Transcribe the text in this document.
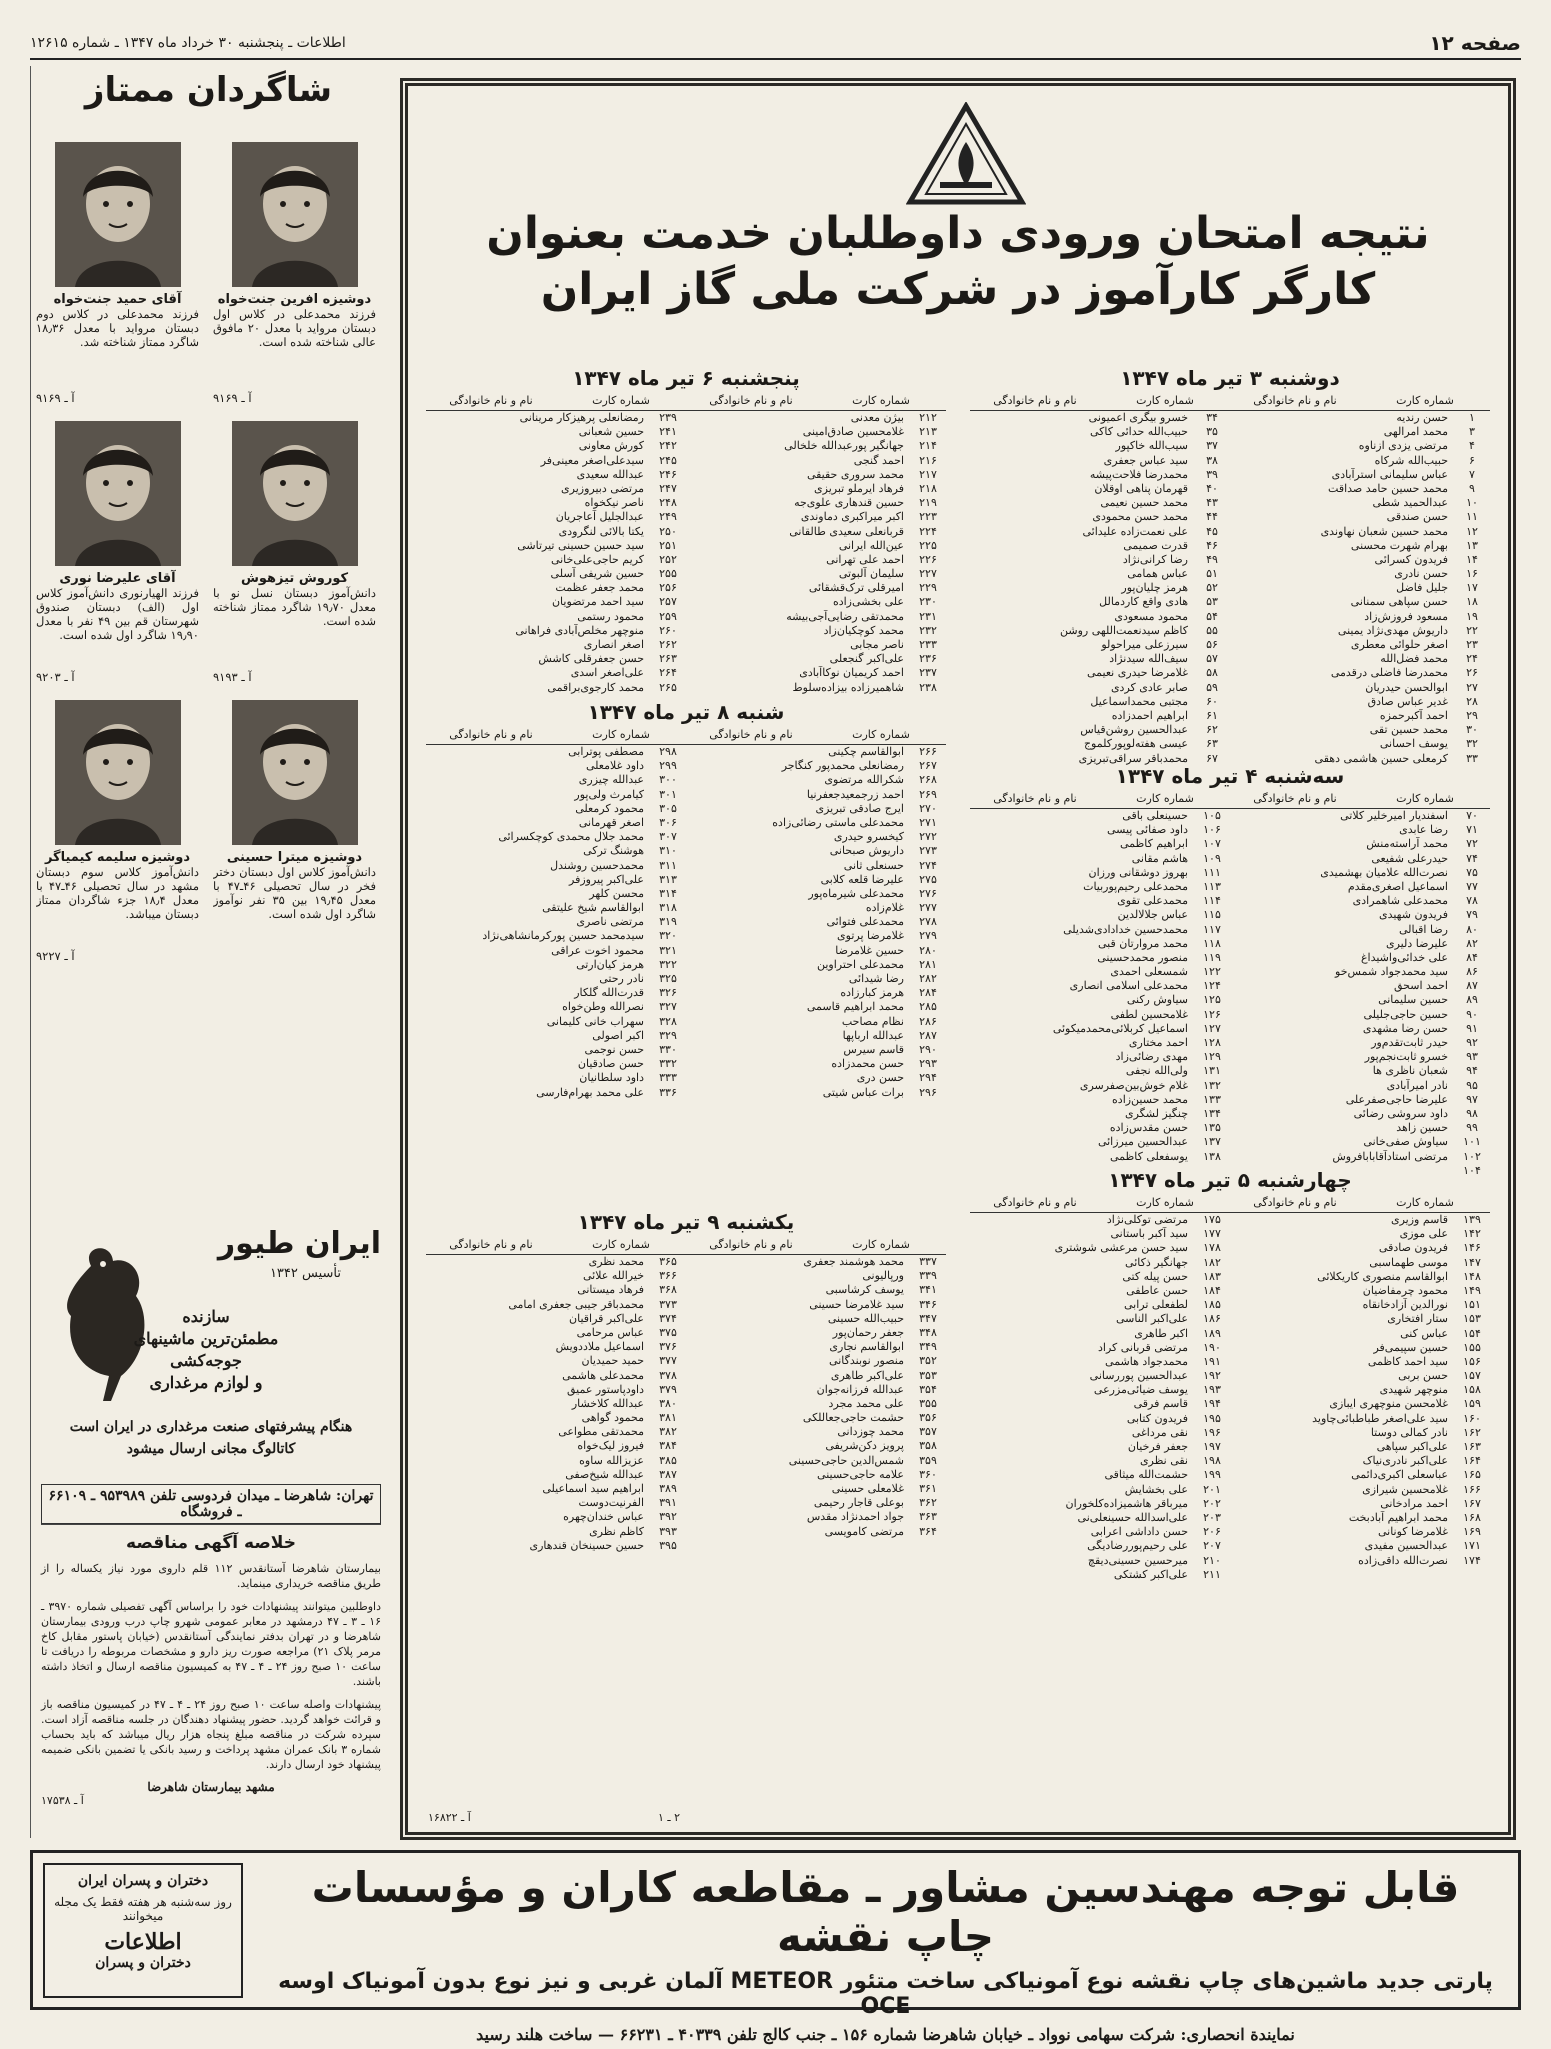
صفحه ۱۲
اطلاعات ـ پنجشنبه ۳۰ خرداد ماه ۱۳۴۷ ـ شماره ۱۲۶۱۵
نتیجه امتحان ورودی داوطلبان خدمت بعنوان
کارگر کارآموز در شرکت ملی گاز ایران
دوشنبه ۳ تیر ماه ۱۳۴۷
شماره کارت
نام و نام خانوادگی
شماره کارت
نام و نام خانوادگی
۱
حسن رندیه
۳
محمد امرالهی
۴
مرتضی یزدی ازناوه
۶
حبیب‌الله شرکاه
۷
عباس سلیمانی استرآبادی
۹
محمد حسین حامد صداقت
۱۰
عبدالحمید شطی
۱۱
حسن صندقی
۱۲
محمد حسین شعبان نهاوندی
۱۳
بهرام شهرت محسنی
۱۴
فریدون کسرائی
۱۶
حسن نادری
۱۷
جلیل فاضل
۱۸
حسن سپاهی سمنانی
۱۹
مسعود فروزش‌زاد
۲۲
داریوش مهدی‌نژاد یمینی
۲۳
اصغر حلوائی معطری
۲۴
محمد فضل‌الله
۲۶
محمدرضا فاضلی درقدمی
۲۷
ابوالحسن حیدریان
۲۸
غدیر عباس صادق
۲۹
احمد آکبرحمزه
۳۰
محمد حسین تقی
۳۲
یوسف احسانی
۳۳
کرمعلی حسین هاشمی دهقی
۳۴
خسرو بیگری اعمیونی
۳۵
حبیب‌الله حدائی کاکی
۳۷
سیب‌الله خاکپور
۳۸
سید عباس جعفری
۳۹
محمدرضا فلاحت‌پیشه
۴۰
قهرمان پناهی اوقلان
۴۳
محمد حسین نعیمی
۴۴
محمد حسن محمودی
۴۵
علی نعمت‌زاده علیدائی
۴۶
قدرت صمیمی
۴۹
رضا کرانی‌نژاد
۵۱
عباس همامی
۵۲
هرمز چلیان‌پور
۵۳
هادی واقع کاردمالل
۵۴
محمود مسعودی
۵۵
کاظم سیدنعمت‌اللهی روشن
۵۶
سیرزعلی میراحولو
۵۷
سیف‌الله سیدنژاد
۵۸
غلامرضا حیدری نعیمی
۵۹
صابر عادی کردی
۶۰
مجتبی محمداسماعیل
۶۱
ابراهیم احمدزاده
۶۲
عبدالحسین روشن‌قیاس
۶۳
عیسی هفته‌لوپورکلموج
۶۷
محمدباقر سراقی‌تبریزی
سه‌شنبه ۴ تیر ماه ۱۳۴۷
شماره کارت
نام و نام خانوادگی
شماره کارت
نام و نام خانوادگی
۷۰
اسفندیار امیرخلیر کلاتی
۷۱
رضا عابدی
۷۲
محمد آراسته‌منش
۷۴
حیدرعلی شفیعی
۷۵
نصرت‌الله علامیان بهشمیدی
۷۷
اسماعیل اصغری‌مقدم
۷۸
محمدعلی شاهمرادی
۷۹
فریدون شهیدی
۸۰
رضا اقبالی
۸۲
علیرضا دلیری
۸۴
علی خدائی‌واشیداغ
۸۶
سید محمدجواد شمس‌خو
۸۷
احمد اسحق
۸۹
حسین سلیمانی
۹۰
حسین حاجی‌جلیلی
۹۱
حسن رضا مشهدی
۹۲
حیدر ثابت‌تقدم‌ور
۹۳
خسرو ثابت‌نجم‌پور
۹۴
شعبان ناظری ها
۹۵
نادر امیرآبادی
۹۷
علیرضا حاجی‌صفرعلی
۹۸
داود سروشی رضائی
۹۹
حسین زاهد
۱۰۱
سیاوش صفی‌خانی
۱۰۲
مرتضی استادآقابابافروش
۱۰۴
۱۰۵
حسینعلی باقی
۱۰۶
داود صفائی پیسی
۱۰۷
ابراهیم کاظمی
۱۰۹
هاشم مقانی
۱۱۱
بهروز دوشقانی ورزان
۱۱۳
محمدعلی رحیم‌پوربیات
۱۱۴
محمدعلی تقوی
۱۱۵
عباس جلالالدین
۱۱۷
محمدحسین خدادادی‌شدیلی
۱۱۸
محمد مروارتان قبی
۱۱۹
منصور محمدحسینی
۱۲۲
شمسعلی احمدی
۱۲۴
محمدعلی اسلامی انصاری
۱۲۵
سیاوش رکنی
۱۲۶
غلامحسین لطفی
۱۲۷
اسماعیل کربلائی‌محمدمیکوئی
۱۲۸
احمد مختاری
۱۲۹
مهدی رضائی‌زاد
۱۳۱
ولی‌الله نجفی
۱۳۲
غلام خوش‌بین‌صفرسری
۱۳۳
محمد حسین‌زاده
۱۳۴
چنگیز لشگری
۱۳۵
حسن مقدس‌زاده
۱۳۷
عبدالحسین میرزائی
۱۳۸
یوسفعلی کاظمی
چهارشنبه ۵ تیر ماه ۱۳۴۷
شماره کارت
نام و نام خانوادگی
شماره کارت
نام و نام خانوادگی
۱۳۹
قاسم وزیری
۱۴۲
علی موزی
۱۴۶
فریدون صادقی
۱۴۷
موسی طهماسبی
۱۴۸
ابوالقاسم منصوری کاریکلائی
۱۴۹
محمود چرمفاضیان
۱۵۱
نورالدین آزادخانقاه
۱۵۳
ستار افتخاری
۱۵۴
عباس کنی
۱۵۵
حسین سپیمی‌فر
۱۵۶
سید احمد کاظمی
۱۵۷
حسن بربی
۱۵۸
منوچهر شهیدی
۱۵۹
غلامحسن منوچهری ایبازی
۱۶۰
سید علی‌اصغر طباطبائی‌چاوید
۱۶۲
نادر کمالی دوستا
۱۶۳
علی‌اکبر سپاهی
۱۶۴
علی‌اکبر نادری‌نیاک
۱۶۵
عباسعلی اکبری‌دائمی
۱۶۶
غلامحسین شیرازی
۱۶۷
احمد مرادخانی
۱۶۸
محمد ابراهیم آبادبخت
۱۶۹
غلامرضا کونانی
۱۷۱
عبدالحسین مفیدی
۱۷۴
نصرت‌الله داقی‌زاده
۱۷۵
مرتضی توکلی‌نژاد
۱۷۷
سید آکبر باستانی
۱۷۸
سید حسن مرعشی شوشتری
۱۸۲
جهانگیر ذکائی
۱۸۳
حسن پیله کتی
۱۸۴
حسن عاطفی
۱۸۵
لطفعلی ترابی
۱۸۶
علی‌اکبر الناسی
۱۸۹
اکبر طاهری
۱۹۰
مرتضی قربانی کراد
۱۹۱
محمدجواد هاشمی
۱۹۲
عبدالحسین پوررسانی
۱۹۳
یوسف ضیائی‌مزرعی
۱۹۴
قاسم فرقی
۱۹۵
فریدون کتابی
۱۹۶
نقی مرداغی
۱۹۷
جعفر فرخیان
۱۹۸
نقی نظری
۱۹۹
حشمت‌الله میثاقی
۲۰۱
علی بخشایش
۲۰۲
میرباقر هاشمیزاده‌کلخوران
۲۰۳
علی‌اسدالله حسینعلی‌نی
۲۰۶
حسن داداشی اعرابی
۲۰۷
علی رحیم‌پوررضادیگی
۲۱۰
میرحسین حسینی‌دیقچ
۲۱۱
علی‌اکبر کشتکی
پنجشنبه ۶ تیر ماه ۱۳۴۷
شماره کارت
نام و نام خانوادگی
شماره کارت
نام و نام خانوادگی
۲۱۲
بیژن معدنی
۲۱۳
غلامحسین صادق‌امینی
۲۱۴
جهانگیر پورعبدالله خلخالی
۲۱۶
احمد گنجی
۲۱۷
محمد سروری حقیقی
۲۱۸
فرهاد ایرملو تبریزی
۲۱۹
حسین قندهاری علوی‌جه
۲۲۳
اکبر میراکبری دماوندی
۲۲۴
قربانعلی سعیدی طالقانی
۲۲۵
عین‌الله ایرانی
۲۲۶
احمد علی تهرانی
۲۲۷
سلیمان آلبوتی
۲۲۹
امیرقلی ترک‌قشقائی
۲۳۰
علی بخشی‌زاده
۲۳۱
محمدتقی رضایی‌آجی‌بیشه
۲۳۲
محمد کوچکیان‌زاد
۲۳۳
ناصر مجابی
۲۳۶
علی‌اکبر گنجعلی
۲۳۷
احمد کریمیان نوکاآبادی
۲۳۸
شاهمیرزاده بیزاده‌سلوط
۲۳۹
رمضانعلی پرهیزکار مرینانی
۲۴۱
حسین شعبانی
۲۴۲
کورش معاونی
۲۴۵
سیدعلی‌اصغر معینی‌فر
۲۴۶
عبدالله سعیدی
۲۴۷
مرتضی دبیروزیری
۲۴۸
ناصر نیکخواه
۲۴۹
عبدالجلیل آعاجریان
۲۵۰
یکتا بالائی لنگرودی
۲۵۱
سید حسین حسینی تیرتاشی
۲۵۲
کریم حاجی‌علی‌خانی
۲۵۵
حسین شریفی آسلی
۲۵۶
محمد جعفر عظمت
۲۵۷
سید احمد مرتضویان
۲۵۹
محمود رستمی
۲۶۰
منوچهر مخلص‌آبادی فراهانی
۲۶۲
اصغر انصاری
۲۶۳
حسن جعفرقلی کاشش
۲۶۴
علی‌اصغر اسدی
۲۶۵
محمد کارجوی‌براقمی
شنبه ۸ تیر ماه ۱۳۴۷
شماره کارت
نام و نام خانوادگی
شماره کارت
نام و نام خانوادگی
۲۶۶
ابوالقاسم چکینی
۲۶۷
رمضانعلی محمدپور کنگاجر
۲۶۸
شکرالله مرتضوی
۲۶۹
احمد زرجمعیدجعفرنیا
۲۷۰
ایرج صادقی تبریزی
۲۷۱
محمدعلی ماستی رضائی‌زاده
۲۷۲
کیخسرو حیدری
۲۷۳
داریوش صبحانی
۲۷۴
حسنعلی ثانی
۲۷۵
علیرضا قلعه کلابی
۲۷۶
محمدعلی شیرماه‌پور
۲۷۷
غلام‌زاده
۲۷۸
محمدعلی فتوائی
۲۷۹
غلامرضا پرتوی
۲۸۰
حسین غلامرضا
۲۸۱
محمدعلی احتراوین
۲۸۲
رضا شیدائی
۲۸۴
هرمز کبارزاده
۲۸۵
محمد ابراهیم قاسمی
۲۸۶
نظام مصاحب
۲۸۷
عبدالله ارباپها
۲۹۰
قاسم سیرس
۲۹۳
حسن محمدزاده
۲۹۴
حسن دری
۲۹۶
برات عباس شیتی
۲۹۸
مصطفی پوترابی
۲۹۹
داود غلامعلی
۳۰۰
عبدالله چیزری
۳۰۱
کیامرث ولی‌پور
۳۰۵
محمود کرمعلی
۳۰۶
اصغر قهرمانی
۳۰۷
محمد جلال محمدی کوچکسرائی
۳۱۰
هوشنگ ترکی
۳۱۱
محمدحسین روشندل
۳۱۳
علی‌اکبر پیروزفر
۳۱۴
محسن کلهر
۳۱۸
ابوالقاسم شیخ علیتقی
۳۱۹
مرتضی ناصری
۳۲۰
سیدمحمد حسین پورکرمانشاهی‌نژاد
۳۲۱
محمود اخوت عراقی
۳۲۲
هرمز کیان‌ارتی
۳۲۵
نادر رحتی
۳۲۶
قدرت‌الله گلکار
۳۲۷
نصرالله وطن‌خواه
۳۲۸
سهراب خانی کلیمانی
۳۲۹
اکبر اصولی
۳۳۰
حسن نوجمی
۳۳۲
حسن صادقیان
۳۳۳
داود سلطانیان
۳۳۶
علی محمد بهرام‌فارسی
یکشنبه ۹ تیر ماه ۱۳۴۷
شماره کارت
نام و نام خانوادگی
شماره کارت
نام و نام خانوادگی
۳۳۷
محمد هوشمند جعفری
۳۳۹
ورپالیونی
۳۴۱
یوسف کرشاسبی
۳۴۶
سید غلامرضا حسینی
۳۴۷
حبیب‌الله حسینی
۳۴۸
جعفر رحمان‌پور
۳۴۹
ابوالقاسم نجاری
۳۵۲
منصور نوبندگانی
۳۵۳
علی‌اکبر طاهری
۳۵۴
عبدالله فرزانه‌جوان
۳۵۵
علی محمد مجرد
۳۵۶
حشمت حاجی‌جعاللکی
۳۵۷
محمد چوزدانی
۳۵۸
پرویز دکن‌شریفی
۳۵۹
شمس‌الدین حاجی‌حسینی
۳۶۰
علامه حاجی‌حسینی
۳۶۱
غلامعلی حسینی
۳۶۲
بوعلی قاجار رحیمی
۳۶۳
جواد احمدنژاد مقدس
۳۶۴
مرتضی کامویسی
۳۶۵
محمد نظری
۳۶۶
خیرالله علائی
۳۶۸
فرهاد میستانی
۳۷۳
محمدباقر جیبی جعفری امامی
۳۷۴
علی‌اکبر قراقیان
۳۷۵
عباس مرحامی
۳۷۶
اسماعیل ملاددویش
۳۷۷
حمید حمیدیان
۳۷۸
محمدعلی هاشمی
۳۷۹
داودپاستور عمیق
۳۸۰
عبدالله کلاخشار
۳۸۱
محمود گواهی
۳۸۲
محمدتقی مطواعی
۳۸۴
فیروز لیک‌خواه
۳۸۵
عزیزالله ساوه
۳۸۷
عبدالله شیخ‌صفی
۳۸۹
ابراهیم سید اسماعیلی
۳۹۱
الفرنیت‌دوست
۳۹۲
عباس خندان‌چهره
۳۹۳
کاظم نظری
۳۹۵
حسین حسینخان قندهاری
آ ـ ۱۶۸۲۲	۲ ـ ۱
شاگردان ممتاز
دوشیزه افرین جنت‌خواه
فرزند محمدعلی در کلاس اول دبستان مرواید با معدل ۲۰ مافوق عالی شناخته شده است.
آ ـ ۹۱۶۹
آقای حمید جنت‌خواه
فرزند محمدعلی در کلاس دوم دبستان مرواید با معدل ۱۸٫۳۶ شاگرد ممتاز شناخته شد.
آ ـ ۹۱۶۹
کوروش تیزهوش
دانش‌آموز دبستان نسل نو با معدل ۱۹٫۷۰ شاگرد ممتاز شناخته شده است.
آ ـ ۹۱۹۳
آقای علیرضا نوری
فرزند الهیارنوری دانش‌آموز کلاس اول (الف) دبستان صندوق شهرستان قم بین ۴۹ نفر با معدل ۱۹٫۹۰ شاگرد اول شده است.
آ ـ ۹۲۰۳
دوشیزه میترا حسینی
دانش‌آموز کلاس اول دبستان دختر فخر در سال تحصیلی ۴۶ـ۴۷ با معدل ۱۹٫۴۵ بین ۳۵ نفر نوآموز شاگرد اول شده است.
دوشیزه سلیمه کیمیاگر
دانش‌آموز کلاس سوم دبستان مشهد در سال تحصیلی ۴۶ـ۴۷ با معدل ۱۸٫۴ جزء شاگردان ممتاز دبستان میباشد.
آ ـ ۹۲۲۷
ایران طیور
تأسیس ۱۳۴۲
سازنده
مطمئن‌ترین ماشینهای جوجه‌کشی
و لوازم مرغداری
هنگام پیشرفتهای صنعت مرغداری در ایران است
کاتالوگ مجانی ارسال میشود
تهران: شاهرضا ـ میدان فردوسی تلفن ۹۵۳۹۸۹ ـ ۶۶۱۰۹ ـ فروشگاه
خلاصه آگهی مناقصه

بیمارستان شاهرضا آستانقدس ۱۱۲ قلم داروی مورد نیاز یکساله را از طریق مناقصه خریداری مینماید.

داوطلبین میتوانند پیشنهادات خود را براساس آگهی تفصیلی شماره ۳۹۷۰ ـ ۱۶ ـ ۳ ـ ۴۷ درمشهد در معابر عمومی شهرو چاپ درب ورودی بیمارستان شاهرضا و در تهران بدفتر نمایندگی آستانقدس (خیابان پاستور مقابل کاخ مرمر پلاک ۲۱) مراجعه صورت ریز دارو و مشخصات مربوطه را دریافت تا ساعت ۱۰ صبح روز ۲۴ ـ ۴ ـ ۴۷ به کمیسیون مناقصه ارسال و اتخاذ داشته باشند.

پیشنهادات واصله ساعت ۱۰ صبح روز ۲۴ ـ ۴ ـ ۴۷ در کمیسیون مناقصه باز و قرائت خواهد گردید. حضور پیشنهاد دهندگان در جلسه مناقصه آزاد است. سپرده شرکت در مناقصه مبلغ پنجاه هزار ریال میباشد که باید بحساب شماره ۳ بانک عمران مشهد پرداخت و رسید بانکی یا تضمین بانکی ضمیمه پیشنهاد خود ارسال دارند.

مشهد بیمارستان شاهرضا
آ ـ ۱۷۵۳۸
قابل توجه مهندسین مشاور ـ مقاطعه کاران و مؤسسات چاپ نقشه
پارتی جدید ماشین‌های چاپ نقشه نوع آمونیاکی ساخت متئور METEOR آلمان غربی و نیز نوع بدون آمونیاک اوسه OCE
نمایندة انحصاری: شرکت سهامی نوواد ـ خیابان شاهرضا شماره ۱۵۶ ـ جنب کالج تلفن ۴۰۳۳۹ ـ ۶۶۲۳۱ — ساخت هلند رسید
دختران و پسران ایران
روز سه‌شنبه هر هفته فقط یک مجله میخوانند
اطلاعات
دختران و پسران
